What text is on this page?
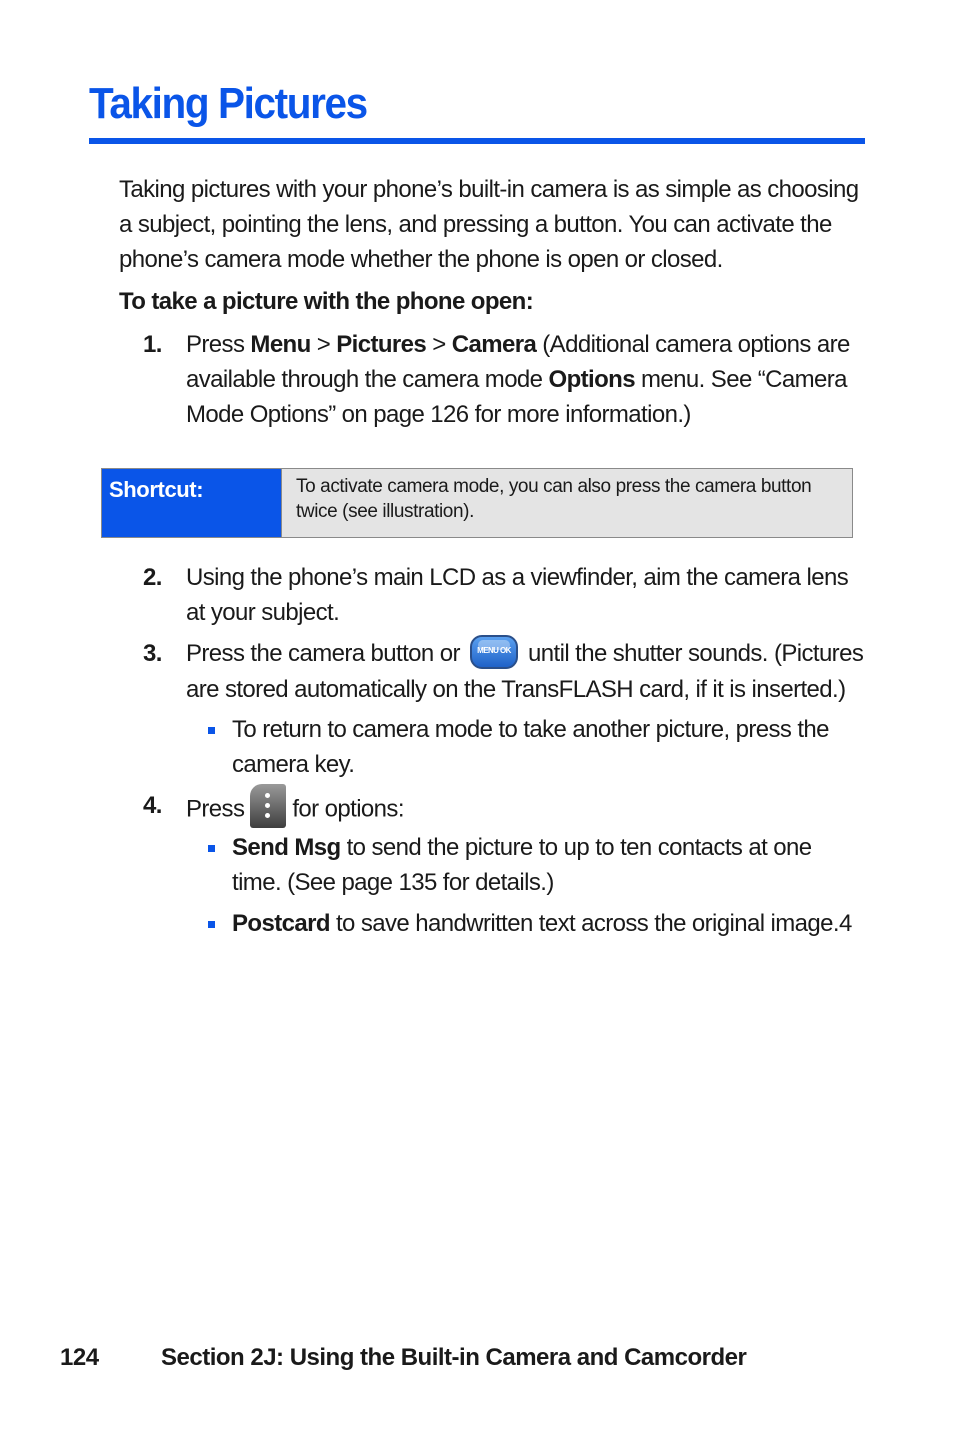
Taking Pictures

Taking pictures with your phone’s built-in camera is as simple as choosing a subject, pointing the lens, and pressing a button. You can activate the phone’s camera mode whether the phone is open or closed.

To take a picture with the phone open:

1.	Press Menu > Pictures > Camera (Additional camera options are available through the camera mode Options menu. See “Camera Mode Options” on page 126 for more information.)
Shortcut:	To activate camera mode, you can also press the camera button twice (see illustration).
2.	Using the phone’s main LCD as a viewfinder, aim the camera lens at your subject.
3.	Press the camera button or	MENU OK until the shutter sounds. (Pictures are stored automatically on the TransFLASH card, if it is inserted.)
To return to camera mode to take another picture, press the camera key.
4.	Press for options:
Send Msg to send the picture to up to ten contacts at one time. (See page 135 for details.)
Postcard to save handwritten text across the original image.4
124	Section 2J: Using the Built-in Camera and Camcorder
